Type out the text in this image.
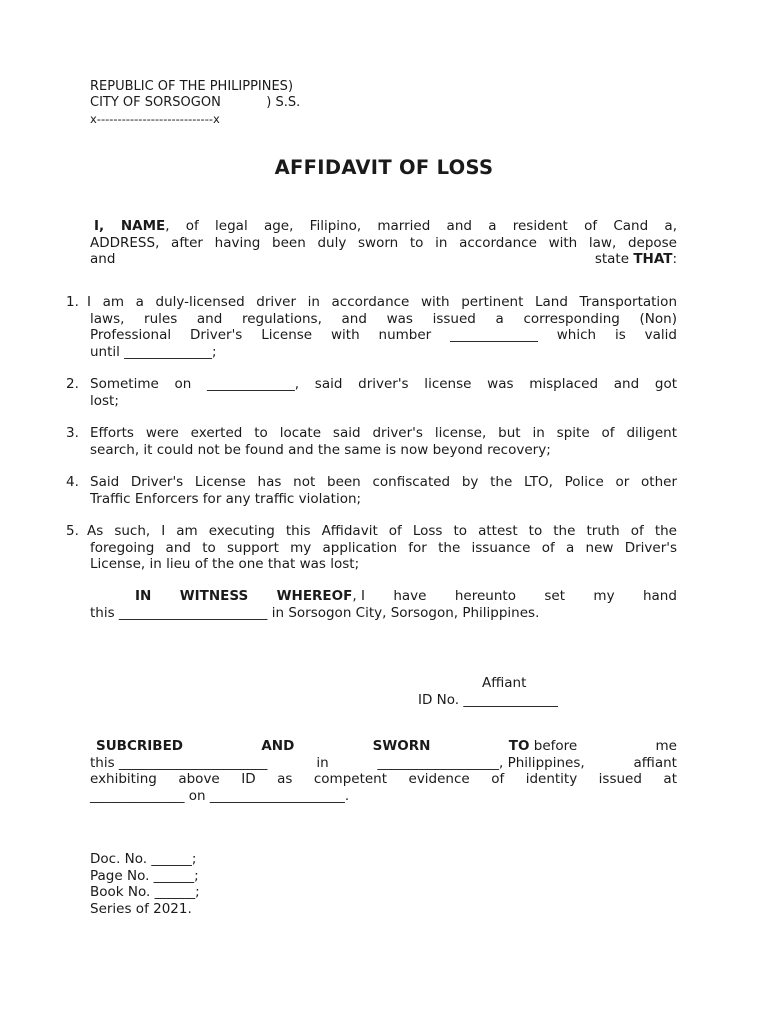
REPUBLIC OF THE PHILIPPINES)
CITY OF SORSOGON           ) S.S.
x----------------------------x
AFFIDAVIT OF LOSS
I, NAME, of legal age, Filipino, married and a resident of Cand a,
ADDRESS, after having been duly sworn to in accordance with law, depose
and	state THAT:
1. I am a duly-licensed driver in accordance with pertinent Land Transportation
laws, rules and regulations, and was issued a corresponding (Non)
Professional Driver's License with number _____________ which is valid
until _____________;
2. Sometime on _____________, said driver's license was misplaced and got
lost;
3. Efforts were exerted to locate said driver's license, but in spite of diligent
search, it could not be found and the same is now beyond recovery;
4. Said Driver's License has not been confiscated by the LTO, Police or other
Traffic Enforcers for any traffic violation;
5. As such, I am executing this Affidavit of Loss to attest to the truth of the
foregoing and to support my application for the issuance of a new Driver's
License, in lieu of the one that was lost;
IN WITNESS WHEREOF, I have hereunto set my hand
this ______________________ in Sorsogon City, Sorsogon, Philippines.
Affiant
ID No. ______________
SUBCRIBED	AND	SWORN	TO before	me
this ______________________	in	__________________, Philippines,	affiant
exhibiting above ID as competent evidence of identity issued at
______________ on ____________________.
Doc. No. ______;
Page No. ______;
Book No. ______;
Series of 2021.
